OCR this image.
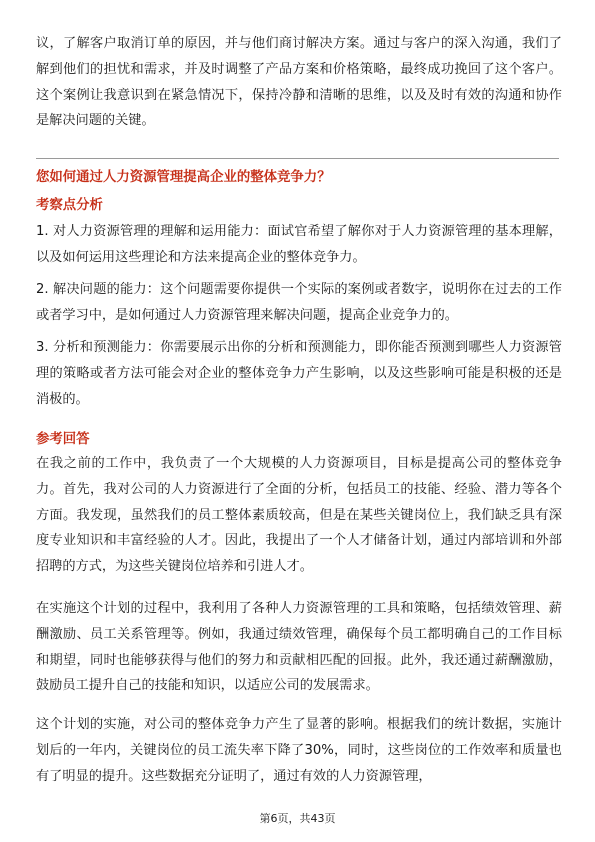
议，了解客户取消订单的原因，并与他们商讨解决方案。通过与客户的深入沟通，我们了解到他们的担忧和需求，并及时调整了产品方案和价格策略，最终成功挽回了这个客户。这个案例让我意识到在紧急情况下，保持冷静和清晰的思维，以及及时有效的沟通和协作是解决问题的关键。

您如何通过人力资源管理提高企业的整体竞争力？
考察点分析

1. 对人力资源管理的理解和运用能力：面试官希望了解你对于人力资源管理的基本理解，以及如何运用这些理论和方法来提高企业的整体竞争力。

2. 解决问题的能力：这个问题需要你提供一个实际的案例或者数字，说明你在过去的工作或者学习中，是如何通过人力资源管理来解决问题，提高企业竞争力的。

3. 分析和预测能力：你需要展示出你的分析和预测能力，即你能否预测到哪些人力资源管理的策略或者方法可能会对企业的整体竞争力产生影响，以及这些影响可能是积极的还是消极的。

参考回答

在我之前的工作中，我负责了一个大规模的人力资源项目，目标是提高公司的整体竞争力。首先，我对公司的人力资源进行了全面的分析，包括员工的技能、经验、潜力等各个方面。我发现，虽然我们的员工整体素质较高，但是在某些关键岗位上，我们缺乏具有深度专业知识和丰富经验的人才。因此，我提出了一个人才储备计划，通过内部培训和外部招聘的方式，为这些关键岗位培养和引进人才。

在实施这个计划的过程中，我利用了各种人力资源管理的工具和策略，包括绩效管理、薪酬激励、员工关系管理等。例如，我通过绩效管理，确保每个员工都明确自己的工作目标和期望，同时也能够获得与他们的努力和贡献相匹配的回报。此外，我还通过薪酬激励，鼓励员工提升自己的技能和知识，以适应公司的发展需求。

这个计划的实施，对公司的整体竞争力产生了显著的影响。根据我们的统计数据，实施计划后的一年内，关键岗位的员工流失率下降了30%，同时，这些岗位的工作效率和质量也有了明显的提升。这些数据充分证明了，通过有效的人力资源管理，

第6页，共43页
